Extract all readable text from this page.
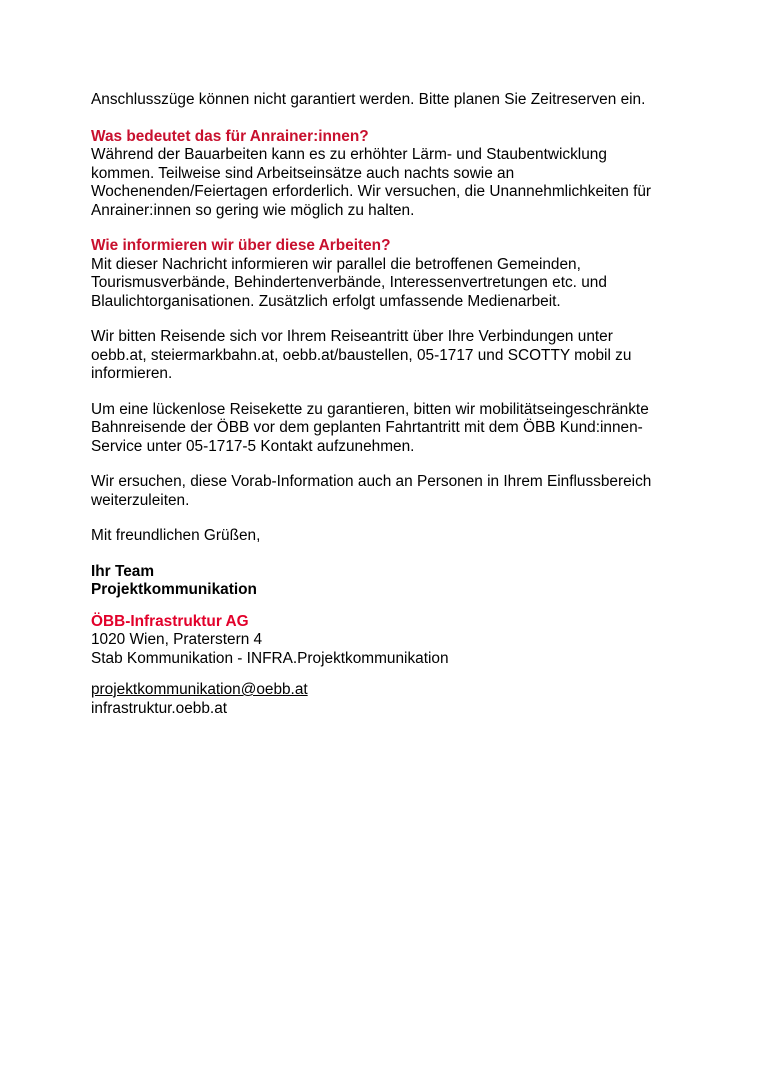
Anschlusszüge können nicht garantiert werden. Bitte planen Sie Zeitreserven ein.

Was bedeutet das für Anrainer:innen?
Während der Bauarbeiten kann es zu erhöhter Lärm- und Staubentwicklung
kommen. Teilweise sind Arbeitseinsätze auch nachts sowie an
Wochenenden/Feiertagen erforderlich. Wir versuchen, die Unannehmlichkeiten für
Anrainer:innen so gering wie möglich zu halten.
Wie informieren wir über diese Arbeiten?
Mit dieser Nachricht informieren wir parallel die betroffenen Gemeinden,
Tourismusverbände, Behindertenverbände, Interessenvertretungen etc. und
Blaulichtorganisationen. Zusätzlich erfolgt umfassende Medienarbeit.
Wir bitten Reisende sich vor Ihrem Reiseantritt über Ihre Verbindungen unter
oebb.at, steiermarkbahn.at, oebb.at/baustellen, 05-1717 und SCOTTY mobil zu
informieren.
Um eine lückenlose Reisekette zu garantieren, bitten wir mobilitätseingeschränkte
Bahnreisende der ÖBB vor dem geplanten Fahrtantritt mit dem ÖBB Kund:innen-
Service unter 05-1717-5 Kontakt aufzunehmen.
Wir ersuchen, diese Vorab-Information auch an Personen in Ihrem Einflussbereich
weiterzuleiten.
Mit freundlichen Grüßen,
Ihr Team
Projektkommunikation
ÖBB-Infrastruktur AG
1020 Wien, Praterstern 4
Stab Kommunikation - INFRA.Projektkommunikation
projektkommunikation@oebb.at
infrastruktur.oebb.at
